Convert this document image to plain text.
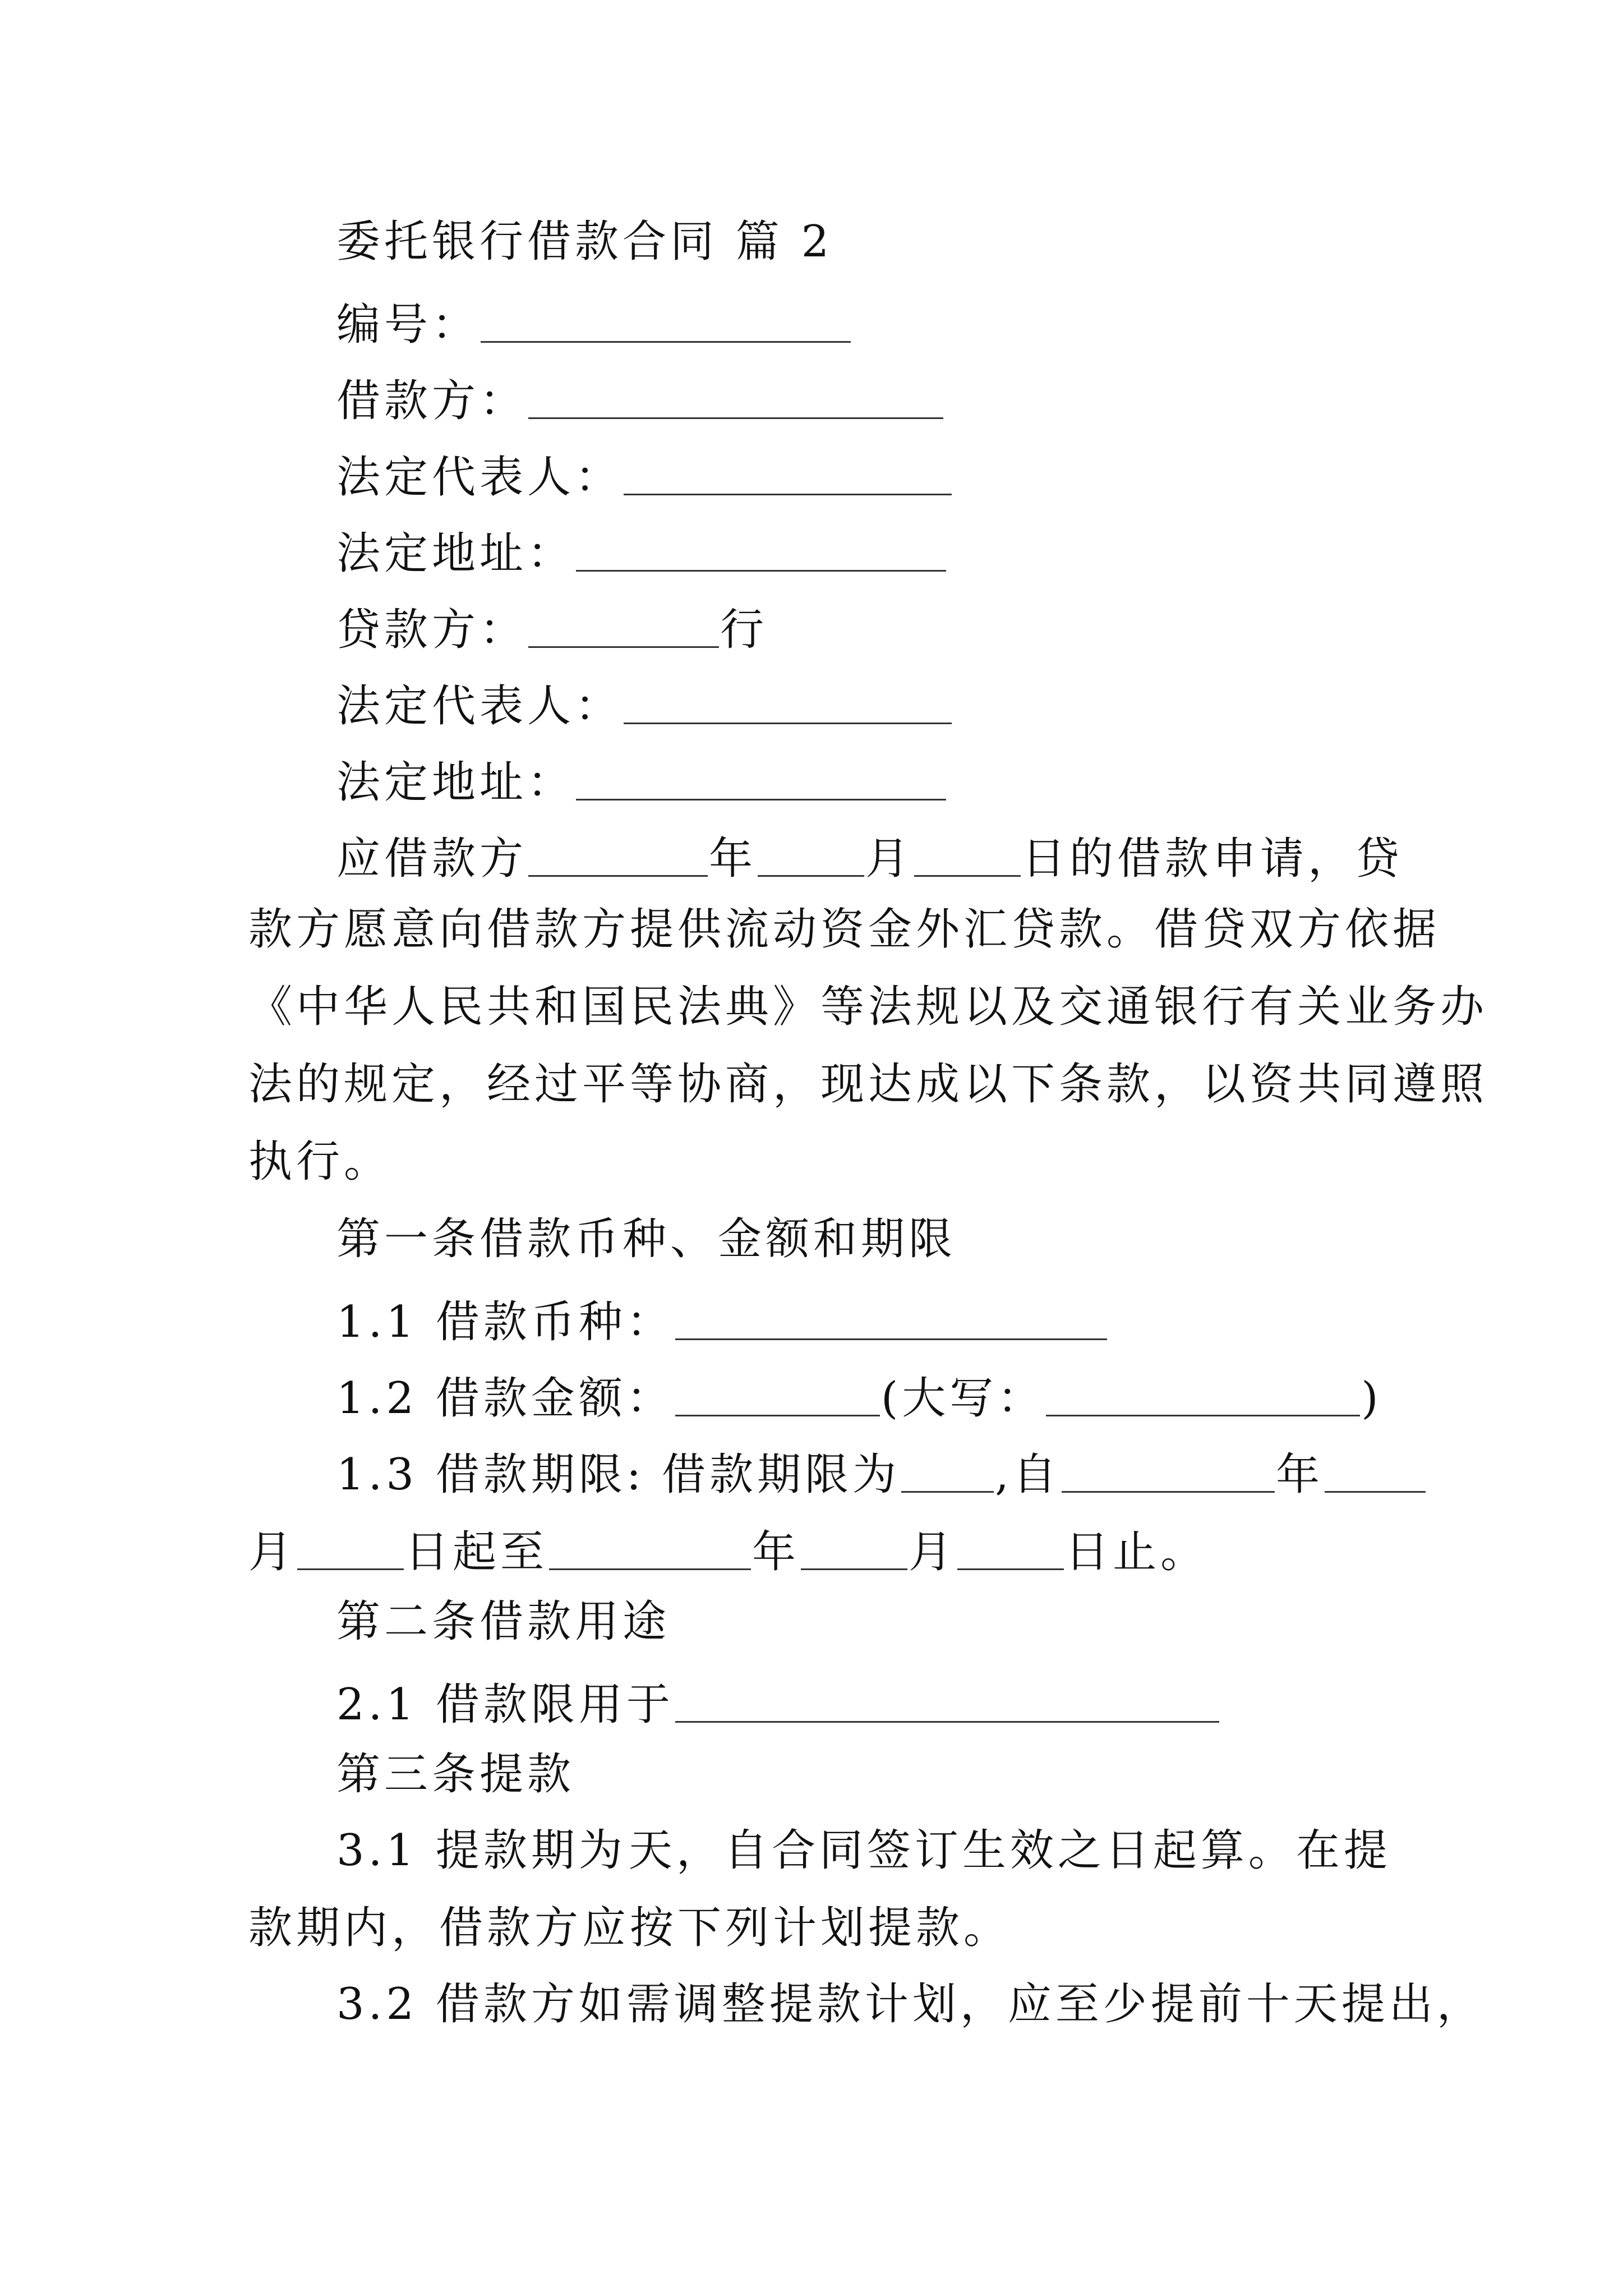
委托银行借款合同 篇 2
编号：
借款方：
法定代表人：
法定地址：
贷款方：	行
法定代表人：
法定地址：
应借款方	年 月 日的借款申请，贷
款方愿意向借款方提供流动资金外汇贷款。借贷双方依据
《中华人民共和国民法典》等法规以及交通银行有关业务办
法的规定，经过平等协商，现达成以下条款，以资共同遵照
执行。
第一条借款币种、金额和期限
1.1 借款币种：
1.2 借款金额：	(大写：	)
1.3 借款期限: 借款期限为 ,自	年
月 日起至	年 月 日止。
第二条借款用途
2.1 借款限用于
第三条提款
3.1 提款期为 天，自合同签订生效之日起算。在提
款期内，借款方应按下列计划提款。
3.2 借款方如需调整提款计划，应至少提前十天提出，
